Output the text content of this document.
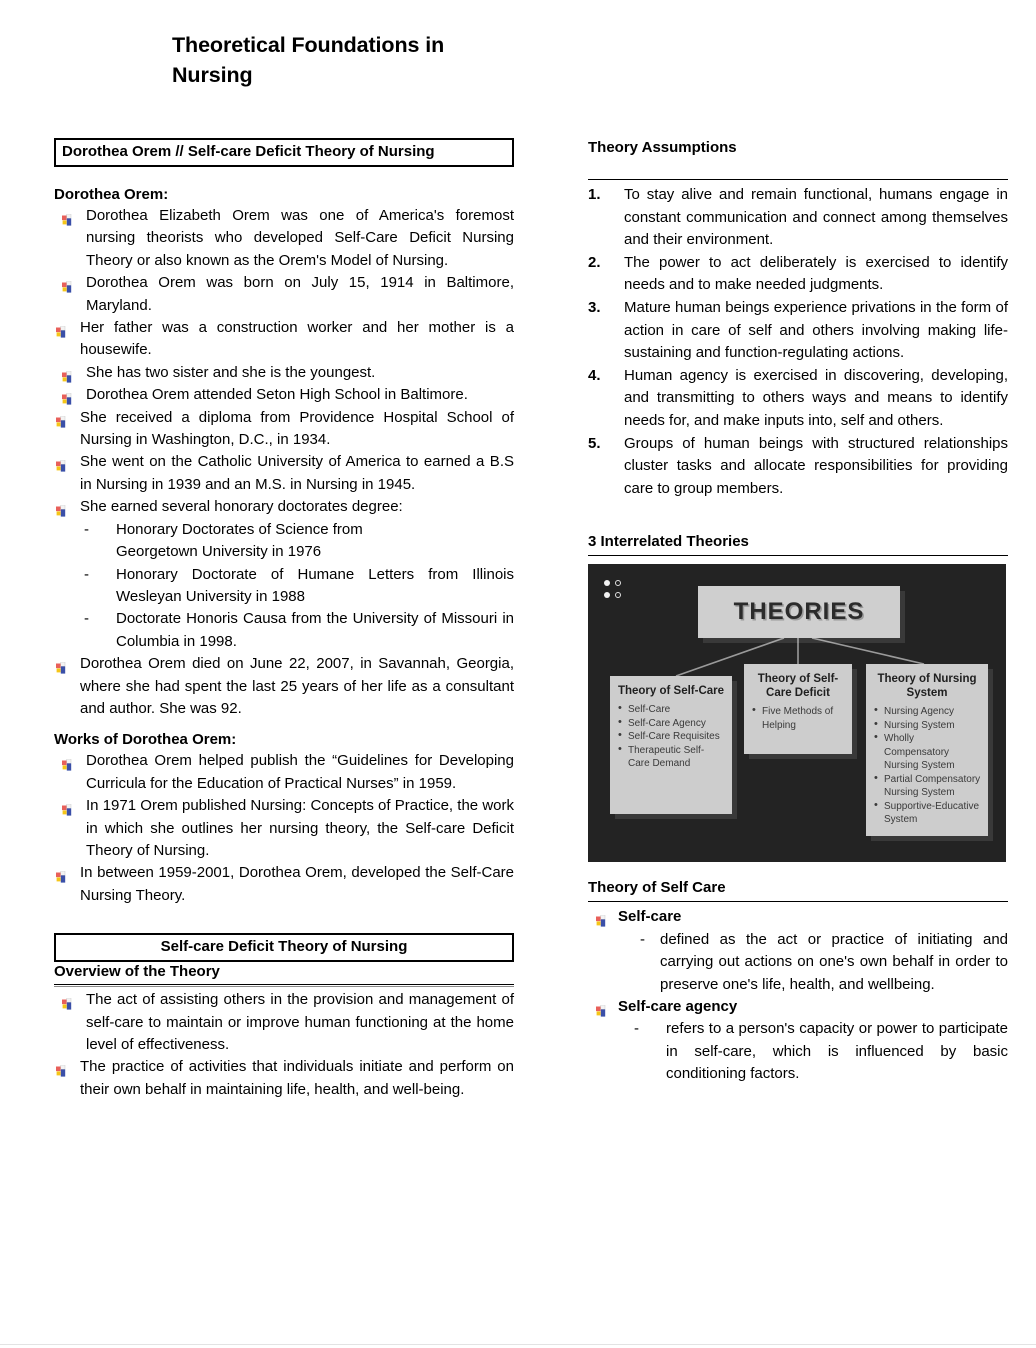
Theoretical Foundations in Nursing
Dorothea Orem // Self-care Deficit Theory of Nursing
Dorothea Orem:
Dorothea Elizabeth Orem was one of America's foremost nursing theorists who developed Self-Care Deficit Nursing Theory or also known as the Orem's Model of Nursing.
Dorothea Orem was born on July 15, 1914 in Baltimore, Maryland.
Her father was a construction worker and her mother is a housewife.
She has two sister and she is the youngest.
Dorothea Orem attended Seton High School in Baltimore.
She received a diploma from Providence Hospital School of Nursing in Washington, D.C., in 1934.
She went on the Catholic University of America to earned a B.S in Nursing in 1939 and an M.S. in Nursing in 1945.
She earned several honorary doctorates degree:
- Honorary Doctorates of Science from
Georgetown University in 1976
- Honorary Doctorate of Humane Letters from Illinois Wesleyan University in 1988
- Doctorate Honoris Causa from the University of Missouri in Columbia in 1998.
Dorothea Orem died on June 22, 2007, in Savannah, Georgia, where she had spent the last 25 years of her life as a consultant and author. She was 92.
Works of Dorothea Orem:
Dorothea Orem helped publish the “Guidelines for Developing Curricula for the Education of Practical Nurses” in 1959.
In 1971 Orem published Nursing: Concepts of Practice, the work in which she outlines her nursing theory, the Self-care Deficit Theory of Nursing.
In between 1959-2001, Dorothea Orem, developed the Self-Care Nursing Theory.
Self-care Deficit Theory of Nursing
Overview of the Theory
The act of assisting others in the provision and management of self-care to maintain or improve human functioning at the home level of effectiveness.
The practice of activities that individuals initiate and perform on their own behalf in maintaining life, health, and well-being.
Theory Assumptions
To stay alive and remain functional, humans engage in constant communication and connect among themselves and their environment.
The power to act deliberately is exercised to identify needs and to make needed judgments.
Mature human beings experience privations in the form of action in care of self and others involving making life-sustaining and function-regulating actions.
Human agency is exercised in discovering, developing, and transmitting to others ways and means to identify needs for, and make inputs into, self and others.
Groups of human beings with structured relationships cluster tasks and allocate responsibilities for providing care to group members.
3 Interrelated Theories
THEORIES
Theory of Self-Care
• Self-Care
• Self-Care Agency
• Self-Care Requisites
• Therapeutic Self-Care Demand
Theory of Self-Care Deficit
• Five Methods of Helping
Theory of Nursing System
• Nursing Agency
• Nursing System
• Wholly Compensatory Nursing System
• Partial Compensatory Nursing System
• Supportive-Educative System
Theory of Self Care
Self-care
- defined as the act or practice of initiating and carrying out actions on one's own behalf in order to preserve one's life, health, and wellbeing.
Self-care agency
- refers to a person's capacity or power to participate in self-care, which is influenced by basic conditioning factors.
